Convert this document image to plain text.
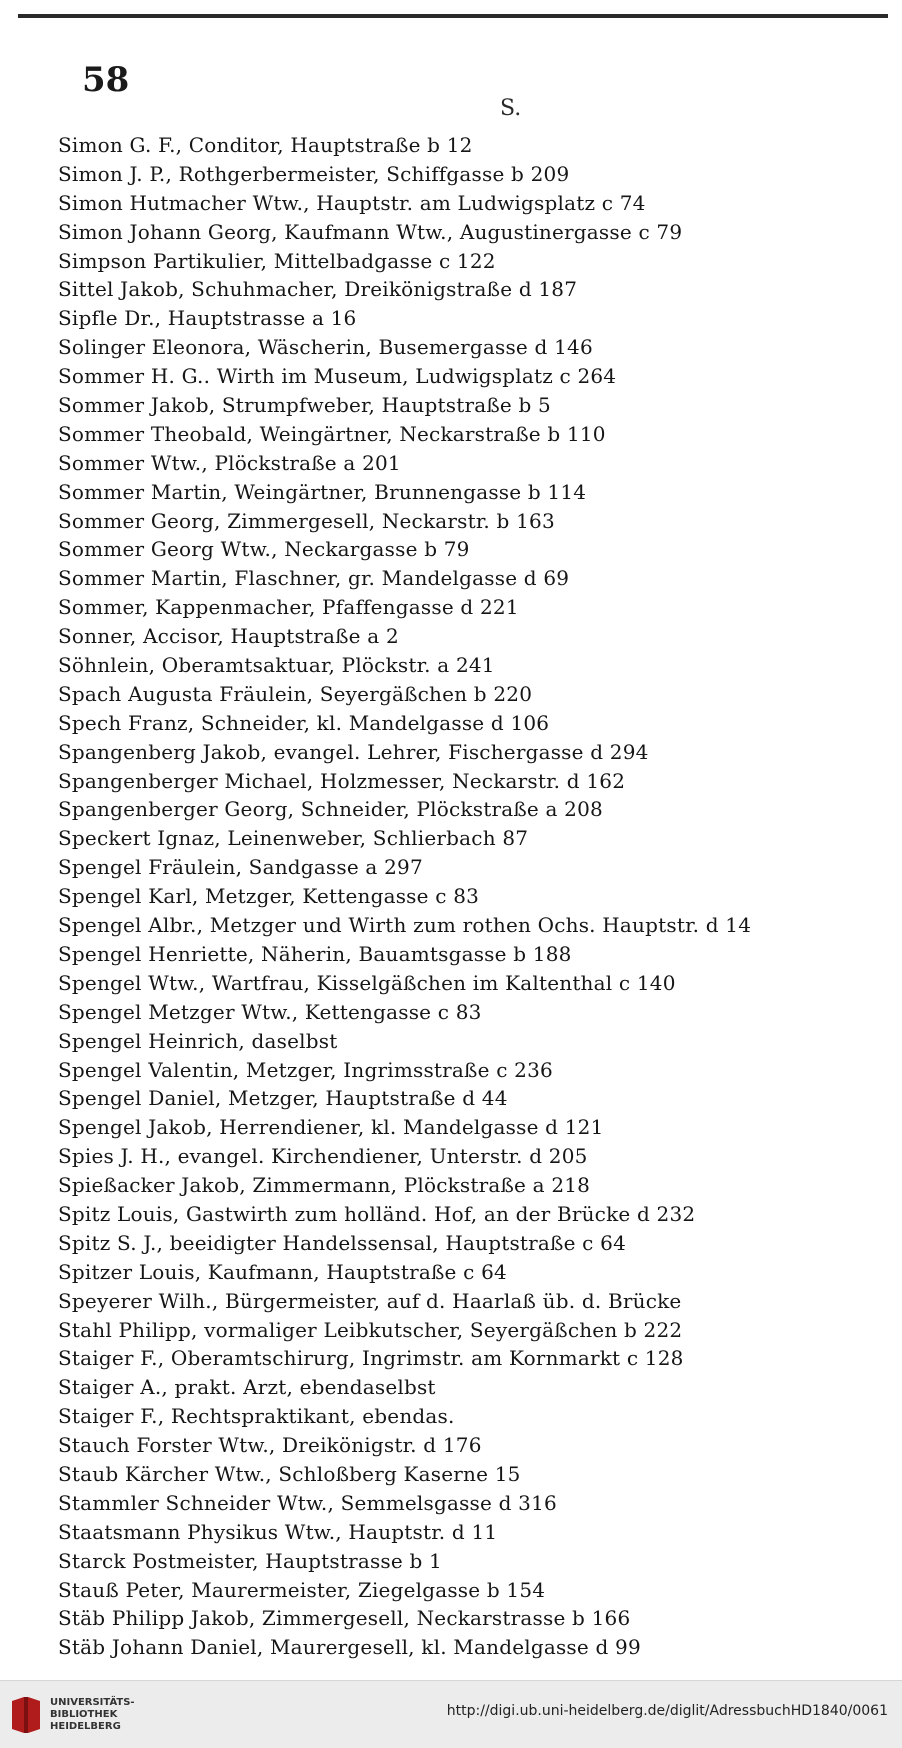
58
S.
Simon G. F., Conditor, Hauptstraße b 12
Simon J. P., Rothgerbermeister, Schiffgasse b 209
Simon Hutmacher Wtw., Hauptstr. am Ludwigsplatz c 74
Simon Johann Georg, Kaufmann Wtw., Augustinergasse c 79
Simpson Partikulier, Mittelbadgasse c 122
Sittel Jakob, Schuhmacher, Dreikönigstraße d 187
Sipfle Dr., Hauptstrasse a 16
Solinger Eleonora, Wäscherin, Busemergasse d 146
Sommer H. G.. Wirth im Museum, Ludwigsplatz c 264
Sommer Jakob, Strumpfweber, Hauptstraße b 5
Sommer Theobald, Weingärtner, Neckarstraße b 110
Sommer Wtw., Plöckstraße a 201
Sommer Martin, Weingärtner, Brunnengasse b 114
Sommer Georg, Zimmergesell, Neckarstr. b 163
Sommer Georg Wtw., Neckargasse b 79
Sommer Martin, Flaschner, gr. Mandelgasse d 69
Sommer, Kappenmacher, Pfaffengasse d 221
Sonner, Accisor, Hauptstraße a 2
Söhnlein, Oberamtsaktuar, Plöckstr. a 241
Spach Augusta Fräulein, Seyergäßchen b 220
Spech Franz, Schneider, kl. Mandelgasse d 106
Spangenberg Jakob, evangel. Lehrer, Fischergasse d 294
Spangenberger Michael, Holzmesser, Neckarstr. d 162
Spangenberger Georg, Schneider, Plöckstraße a 208
Speckert Ignaz, Leinenweber, Schlierbach 87
Spengel Fräulein, Sandgasse a 297
Spengel Karl, Metzger, Kettengasse c 83
Spengel Albr., Metzger und Wirth zum rothen Ochs. Hauptstr. d 14
Spengel Henriette, Näherin, Bauamtsgasse b 188
Spengel Wtw., Wartfrau, Kisselgäßchen im Kaltenthal c 140
Spengel Metzger Wtw., Kettengasse c 83
Spengel Heinrich, daselbst
Spengel Valentin, Metzger, Ingrimsstraße c 236
Spengel Daniel, Metzger, Hauptstraße d 44
Spengel Jakob, Herrendiener, kl. Mandelgasse d 121
Spies J. H., evangel. Kirchendiener, Unterstr. d 205
Spießacker Jakob, Zimmermann, Plöckstraße a 218
Spitz Louis, Gastwirth zum holländ. Hof, an der Brücke d 232
Spitz S. J., beeidigter Handelssensal, Hauptstraße c 64
Spitzer Louis, Kaufmann, Hauptstraße c 64
Speyerer Wilh., Bürgermeister, auf d. Haarlaß üb. d. Brücke
Stahl Philipp, vormaliger Leibkutscher, Seyergäßchen b 222
Staiger F., Oberamtschirurg, Ingrimstr. am Kornmarkt c 128
Staiger A., prakt. Arzt, ebendaselbst
Staiger F., Rechtspraktikant, ebendas.
Stauch Forster Wtw., Dreikönigstr. d 176
Staub Kärcher Wtw., Schloßberg Kaserne 15
Stammler Schneider Wtw., Semmelsgasse d 316
Staatsmann Physikus Wtw., Hauptstr. d 11
Starck Postmeister, Hauptstrasse b 1
Stauß Peter, Maurermeister, Ziegelgasse b 154
Stäb Philipp Jakob, Zimmergesell, Neckarstrasse b 166
Stäb Johann Daniel, Maurergesell, kl. Mandelgasse d 99
UNIVERSITÄTS-
BIBLIOTHEK
HEIDELBERG
http://digi.ub.uni-heidelberg.de/diglit/AdressbuchHD1840/0061
